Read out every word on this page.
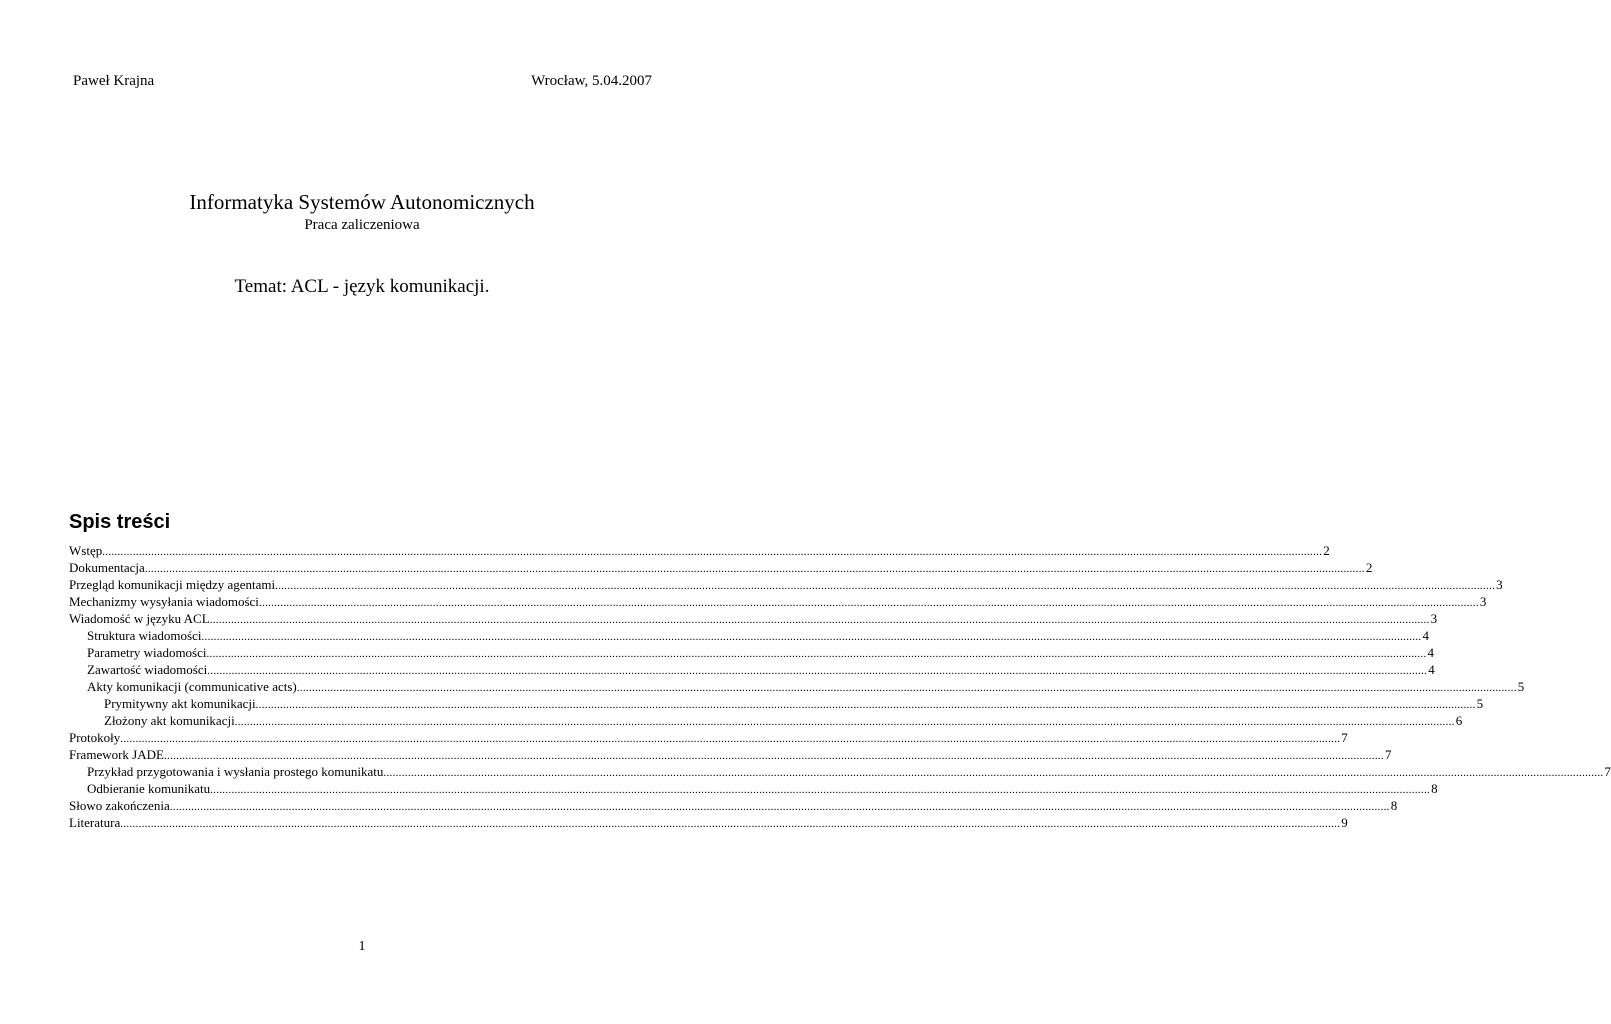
Paweł Krajna	Wrocław, 5.04.2007
Informatyka Systemów Autonomicznych
Praca zaliczeniowa
Temat: ACL - język komunikacji.
Spis treści
Wstęp ................................................................................................................................................................................................................................................................................................................................................................................................................ 2
Dokumentacja ................................................................................................................................................................................................................................................................................................................................................................................................................ 2
Przegląd komunikacji między agentami ................................................................................................................................................................................................................................................................................................................................................................................................................ 3
Mechanizmy wysyłania wiadomości ................................................................................................................................................................................................................................................................................................................................................................................................................ 3
Wiadomość w języku ACL ................................................................................................................................................................................................................................................................................................................................................................................................................ 3
Struktura wiadomości ................................................................................................................................................................................................................................................................................................................................................................................................................ 4
Parametry wiadomości ................................................................................................................................................................................................................................................................................................................................................................................................................ 4
Zawartość wiadomości ................................................................................................................................................................................................................................................................................................................................................................................................................ 4
Akty komunikacji (communicative acts) ................................................................................................................................................................................................................................................................................................................................................................................................................ 5
Prymitywny akt komunikacji ................................................................................................................................................................................................................................................................................................................................................................................................................ 5
Złożony akt komunikacji ................................................................................................................................................................................................................................................................................................................................................................................................................ 6
Protokoły ................................................................................................................................................................................................................................................................................................................................................................................................................ 7
Framework JADE ................................................................................................................................................................................................................................................................................................................................................................................................................ 7
Przykład przygotowania i wysłania prostego komunikatu ................................................................................................................................................................................................................................................................................................................................................................................................................ 7
Odbieranie komunikatu ................................................................................................................................................................................................................................................................................................................................................................................................................ 8
Słowo zakończenia ................................................................................................................................................................................................................................................................................................................................................................................................................ 8
Literatura ................................................................................................................................................................................................................................................................................................................................................................................................................ 9
1
